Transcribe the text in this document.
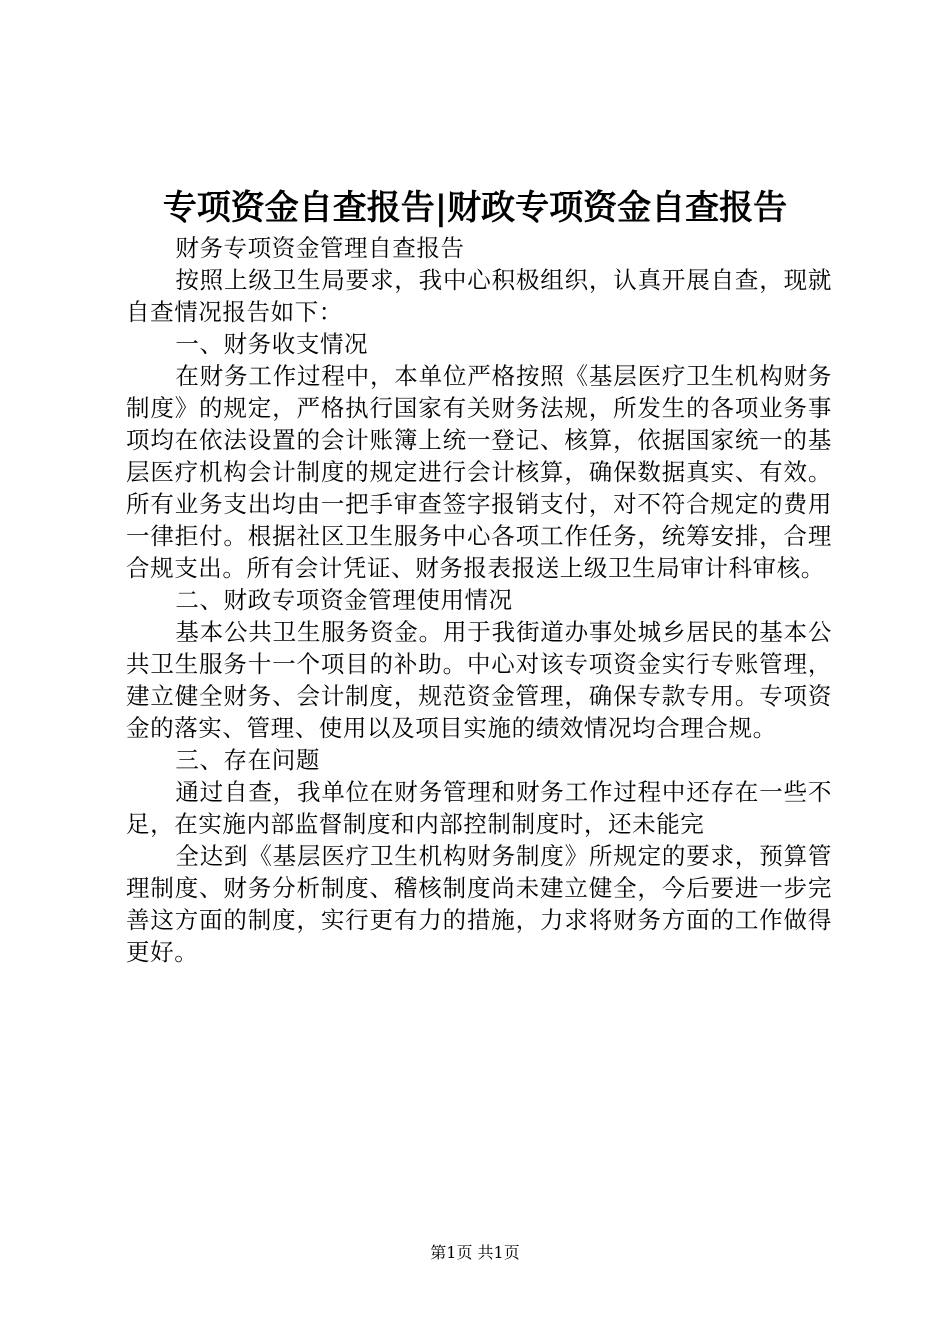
专项资金自查报告|财政专项资金自查报告

财务专项资金管理自查报告

按照上级卫生局要求，我中心积极组织，认真开展自查，现就自查情况报告如下：

一、财务收支情况

在财务工作过程中，本单位严格按照《基层医疗卫生机构财务制度》的规定，严格执行国家有关财务法规，所发生的各项业务事项均在依法设置的会计账簿上统一登记、核算，依据国家统一的基层医疗机构会计制度的规定进行会计核算，确保数据真实、有效。所有业务支出均由一把手审查签字报销支付，对不符合规定的费用一律拒付。根据社区卫生服务中心各项工作任务，统筹安排，合理合规支出。所有会计凭证、财务报表报送上级卫生局审计科审核。

二、财政专项资金管理使用情况

基本公共卫生服务资金。用于我街道办事处城乡居民的基本公共卫生服务十一个项目的补助。中心对该专项资金实行专账管理，建立健全财务、会计制度，规范资金管理，确保专款专用。专项资金的落实、管理、使用以及项目实施的绩效情况均合理合规。

三、存在问题

通过自查，我单位在财务管理和财务工作过程中还存在一些不足，在实施内部监督制度和内部控制制度时，还未能完

全达到《基层医疗卫生机构财务制度》所规定的要求，预算管理制度、财务分析制度、稽核制度尚未建立健全，今后要进一步完善这方面的制度，实行更有力的措施，力求将财务方面的工作做得更好。

第1页 共1页
